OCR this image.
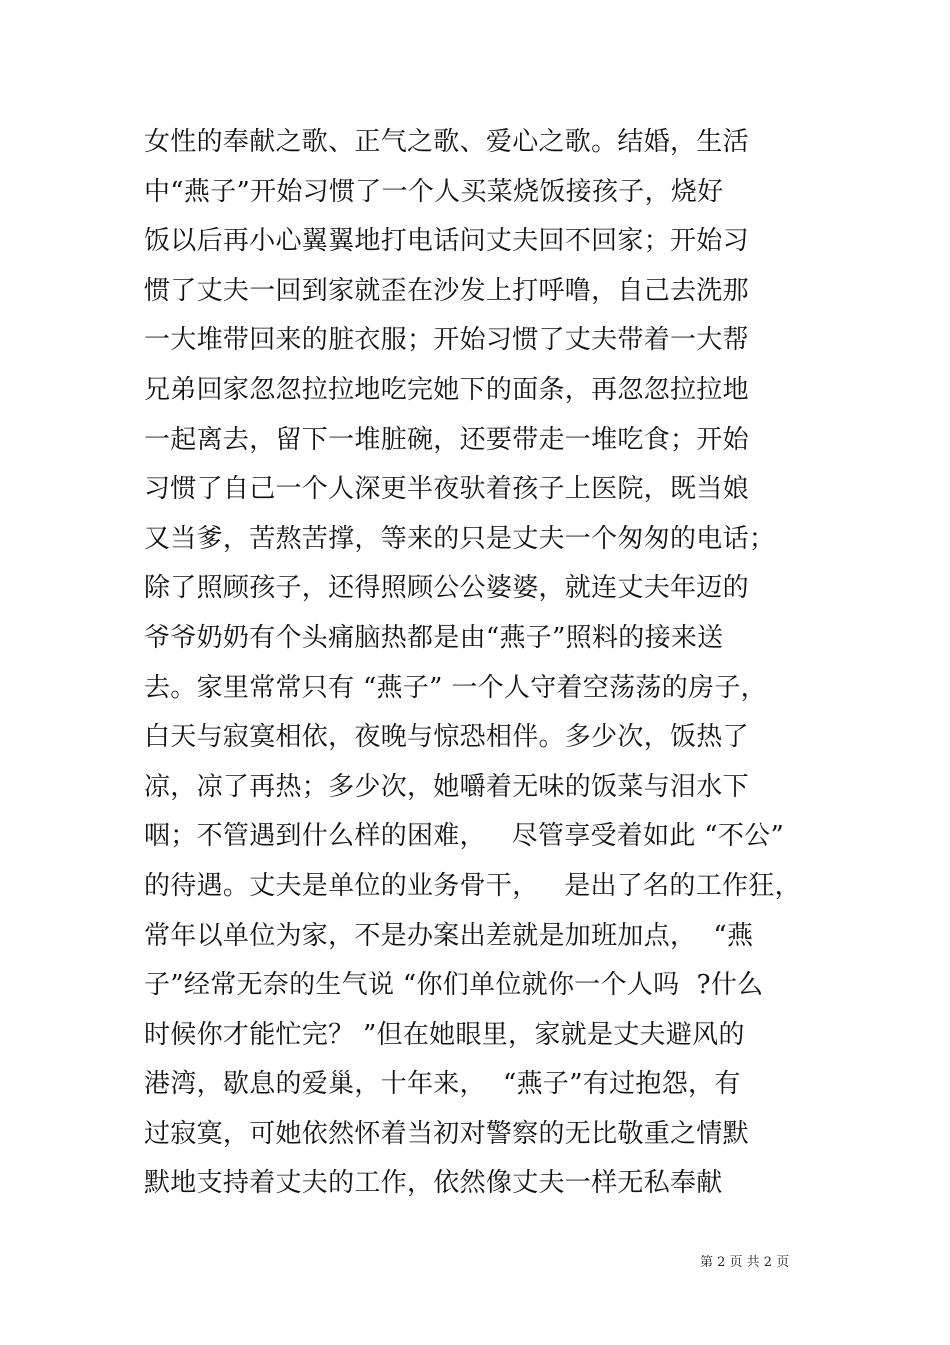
女性的奉献之歌、正气之歌、爱心之歌。结婚，生活
中“燕子”开始习惯了一个人买菜烧饭接孩子，烧好
饭以后再小心翼翼地打电话问丈夫回不回家；开始习
惯了丈夫一回到家就歪在沙发上打呼噜，自己去洗那
一大堆带回来的脏衣服；开始习惯了丈夫带着一大帮
兄弟回家忽忽拉拉地吃完她下的面条，再忽忽拉拉地
一起离去，留下一堆脏碗，还要带走一堆吃食；开始
习惯了自己一个人深更半夜驮着孩子上医院，既当娘
又当爹，苦熬苦撑，等来的只是丈夫一个匆匆的电话；
除了照顾孩子，还得照顾公公婆婆，就连丈夫年迈的
爷爷奶奶有个头痛脑热都是由“燕子”照料的接来送
去。家里常常只有 “燕子” 一个人守着空荡荡的房子，
白天与寂寞相依，夜晚与惊恐相伴。多少次，饭热了
凉，凉了再热；多少次，她嚼着无味的饭菜与泪水下
咽；不管遇到什么样的困难，   尽管享受着如此 “不公”
的待遇。丈夫是单位的业务骨干，   是出了名的工作狂，
常年以单位为家，不是办案出差就是加班加点，  “燕
子”经常无奈的生气说 “你们单位就你一个人吗  ?什么
时候你才能忙完？ ”但在她眼里，家就是丈夫避风的
港湾，歇息的爱巢，十年来，  “燕子”有过抱怨，有
过寂寞，可她依然怀着当初对警察的无比敬重之情默
默地支持着丈夫的工作，依然像丈夫一样无私奉献
第 2 页 共 2 页
